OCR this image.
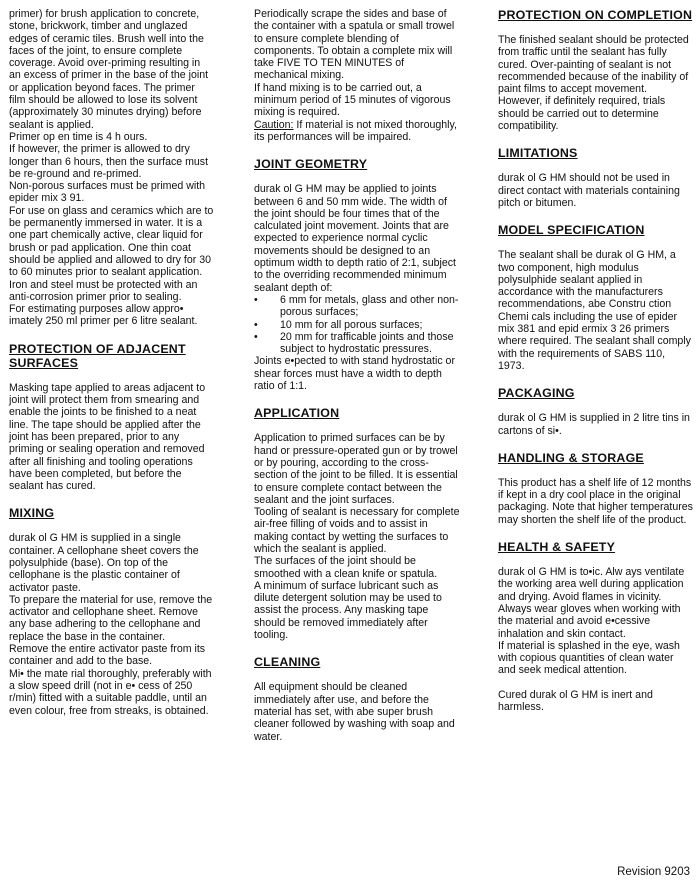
primer) for brush application to concrete, stone, brickwork, timber and unglazed edges of ceramic tiles. Brush well into the faces of the joint, to ensure complete coverage. Avoid over-priming resulting in an excess of primer in the base of the joint or application beyond faces. The primer film should be allowed to lose its solvent (approximately 30 minutes drying) before sealant is applied.

Primer op en time is 4 h ours.

If however, the primer is allowed to dry longer than 6 hours, then the surface must be re-ground and re-primed.

Non-porous surfaces must be primed with epider mix 3 91.

For use on glass and ceramics which are to be permanently immersed in water. It is a one part chemically active, clear liquid for brush or pad application. One thin coat should be applied and allowed to dry for 30 to 60 minutes prior to sealant application.

Iron and steel must be protected with an anti-corrosion primer prior to sealing.

For estimating purposes allow appro• imately 250 ml primer per 6 litre sealant.

PROTECTION OF ADJACENT SURFACES

Masking tape applied to areas adjacent to joint will protect them from smearing and enable the joints to be finished to a neat line. The tape should be applied after the joint has been prepared, prior to any priming or sealing operation and removed after all finishing and tooling operations have been completed, but before the sealant has cured.

MIXING

durak ol G HM is supplied in a single container. A cellophane sheet covers the polysulphide (base). On top of the cellophane is the plastic container of activator paste.

To prepare the material for use, remove the activator and cellophane sheet. Remove any base adhering to the cellophane and replace the base in the container.

Remove the entire activator paste from its container and add to the base.

Mi• the mate rial thoroughly, preferably with a slow speed drill (not in e• cess of 250 r/min) fitted with a suitable paddle, until an even colour, free from streaks, is obtained.

Periodically scrape the sides and base of the container with a spatula or small trowel to ensure complete blending of components. To obtain a complete mix will take FIVE TO TEN MINUTES of mechanical mixing.

If hand mixing is to be carried out, a minimum period of 15 minutes of vigorous mixing is required.

Caution: If material is not mixed thoroughly, its performances will be impaired.

JOINT GEOMETRY

durak ol G HM may be applied to joints between 6 and 50 mm wide. The width of the joint should be four times that of the calculated joint movement. Joints that are expected to experience normal cyclic movements should be designed to an optimum width to depth ratio of 2:1, subject to the overriding recommended minimum sealant depth of:

• 6 mm for metals, glass and other non-porous surfaces;
• 10 mm for all porous surfaces;
• 20 mm for trafficable joints and those subject to hydrostatic pressures.

Joints e•pected to with stand hydrostatic or shear forces must have a width to depth ratio of 1:1.

APPLICATION

Application to primed surfaces can be by hand or pressure-operated gun or by trowel or by pouring, according to the cross-section of the joint to be filled. It is essential to ensure complete contact between the sealant and the joint surfaces.

Tooling of sealant is necessary for complete air-free filling of voids and to assist in making contact by wetting the surfaces to which the sealant is applied.

The surfaces of the joint should be smoothed with a clean knife or spatula.

A minimum of surface lubricant such as dilute detergent solution may be used to assist the process. Any masking tape should be removed immediately after tooling.

CLEANING

All equipment should be cleaned immediately after use, and before the material has set, with abe super brush cleaner followed by washing with soap and water.

PROTECTION ON COMPLETION

The finished sealant should be protected from traffic until the sealant has fully cured. Over-painting of sealant is not recommended because of the inability of paint films to accept movement. However, if definitely required, trials should be carried out to determine compatibility.

LIMITATIONS

durak ol G HM should not be used in direct contact with materials containing pitch or bitumen.

MODEL SPECIFICATION

The sealant shall be durak ol G HM, a two component, high modulus polysulphide sealant applied in accordance with the manufacturers recommendations, abe Constru ction Chemi cals including the use of epider mix 381 and epid ermix 3 26 primers where required. The sealant shall comply with the requirements of SABS 110, 1973.

PACKAGING

durak ol G HM is supplied in 2 litre tins in cartons of si•.

HANDLING & STORAGE

This product has a shelf life of 12 months if kept in a dry cool place in the original packaging. Note that higher temperatures may shorten the shelf life of the product.

HEALTH & SAFETY

durak ol G HM is to•ic. Alw ays ventilate the working area well during application and drying. Avoid flames in vicinity.

Always wear gloves when working with the material and avoid e•cessive inhalation and skin contact.

If material is splashed in the eye, wash with copious quantities of clean water and seek medical attention.

Cured durak ol G HM is inert and harmless.

Revision 9203
